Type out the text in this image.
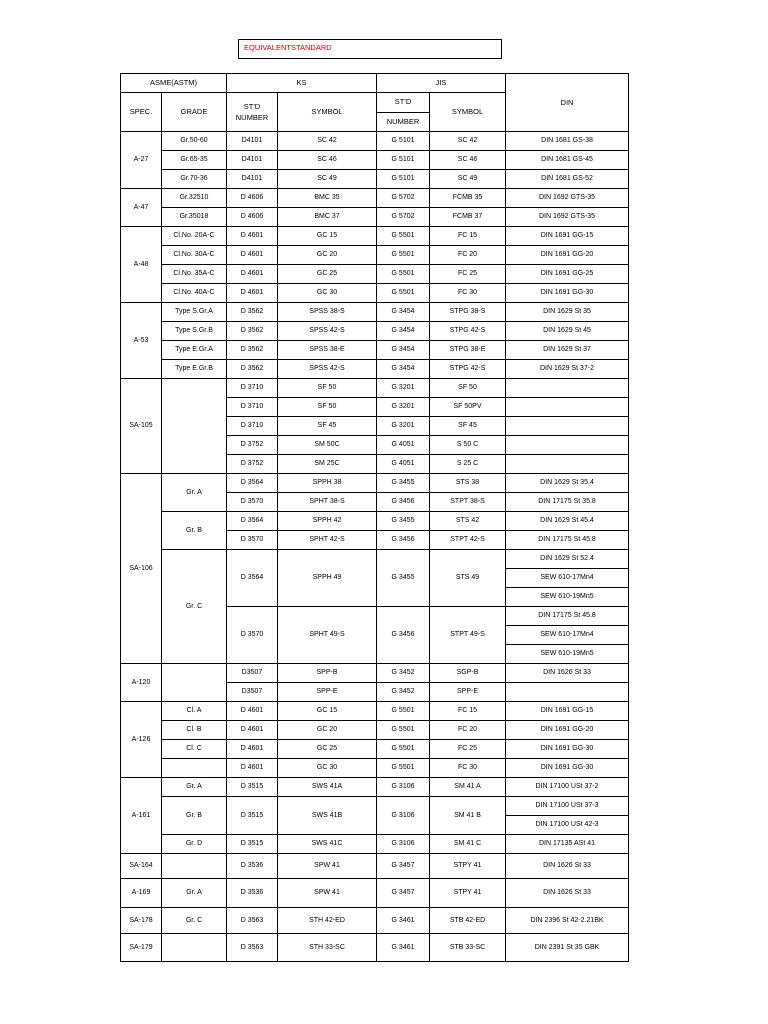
EQUIVALENTSTANDARD
ASME(ASTM)		KS		JIS		DIN
SPEC.	GRADE	ST'D NUMBER	SYMBOL	ST'D	SYMBOL	
				NUMBER		
A-27	Gr.50-60	D4101	SC 42	G 5101	SC 42	DIN 1681 GS-38
	Gr.65-35	D4101	SC 46	G 5101	SC 46	DIN 1681 GS-45
	Gr.70-36	D4101	SC 49	G 5101	SC 49	DIN 1681 GS-52
A-47	Gr.32510	D 4606	BMC 35	G 5702	FCMB 35	DIN 1692 GTS-35
	Gr.35018	D 4606	BMC 37	G 5702	FCMB 37	DIN 1692 GTS-35
A-48	Cl.No. 20A-C	D 4601	GC 15	G 5501	FC 15	DIN 1691 GG-15
	Cl.No. 30A-C	D 4601	GC 20	G 5501	FC 20	DIN 1691 GG-20
	Cl.No. 35A-C	D 4601	GC 25	G 5501	FC 25	DIN 1691 GG-25
	Cl.No. 40A-C	D 4601	GC 30	G 5501	FC 30	DIN 1691 GG-30
A-53	Type S.Gr.A	D 3562	SPSS 38-S	G 3454	STPG 38-S	DIN 1629 St 35
	Type S.Gr.B	D 3562	SPSS 42-S	G 3454	STPG 42-S	DIN 1629 St 45
	Type E.Gr.A	D 3562	SPSS 38-E	G 3454	STPG 38-E	DIN 1629 St 37
	Type E.Gr.B	D 3562	SPSS 42-S	G 3454	STPG 42-S	DIN 1629 St 37-2
SA-105		D 3710	SF 50	G 3201	SF 50	
		D 3710	SF 50	G 3201	SF 50PV	
		D 3710	SF 45	G 3201	SF 45	
		D 3752	SM 50C	G 4051	S 50 C	
		D 3752	SM 25C	G 4051	S 25 C	
SA-106	Gr. A	D 3564	SPPH 38	G 3455	STS 38	DIN 1629 St 35.4
		D 3570	SPHT 38-S	G 3456	STPT 38-S	DIN 17175 St 35.8
	Gr. B	D 3564	SPPH 42	G 3455	STS 42	DIN 1629 St 45.4
		D 3570	SPHT 42-S	G 3456	STPT 42-S	DIN 17175 St 45.8
	Gr. C	D 3564	SPPH 49	G 3455	STS 49	DIN 1629 St 52.4
						SEW 610-17Mn4
						SEW 610-19Mn5
		D 3570	SPHT 49-S	G 3456	STPT 49-S	DIN 17175 St 45.8
						SEW 610-17Mn4
						SEW 610-19Mn5
A-120		D3507	SPP-B	G 3452	SGP-B	DIN 1626 St 33
		D3507	SPP-E	G 3452	SPP-E	
A-126	Cl. A	D 4601	GC 15	G 5501	FC 15	DIN 1691 GG-15
	Cl. B	D 4601	GC 20	G 5501	FC 20	DIN 1691 GG-20
	Cl. C	D 4601	GC 25	G 5501	FC 25	DIN 1691 GG-30
		D 4601	GC 30	G 5501	FC 30	DIN 1691 GG-30
A-161	Gr. A	D 3515	SWS 41A	G 3106	SM 41 A	DIN 17100 USt 37-2
	Gr. B	D 3515	SWS 41B	G 3106	SM 41 B	DIN 17100 USt 37-3
						DIN 17100 USt 42-3
	Gr. D	D 3515	SWS 41C	G 3106	SM 41 C	DIN 17135 ASt 41
SA-164		D 3536	SPW 41	G 3457	STPY 41	DIN 1626 St 33
A-169	Gr. A	D 3536	SPW 41	G 3457	STPY 41	DIN 1626 St 33
SA-178	Gr. C	D 3563	STH 42-ED	G 3461	STB 42-ED	DIN 2396 St 42-2.21BK
SA-179		D 3563	STH 33-SC	G 3461	STB 33-SC	DIN 2391 St 35 GBK
